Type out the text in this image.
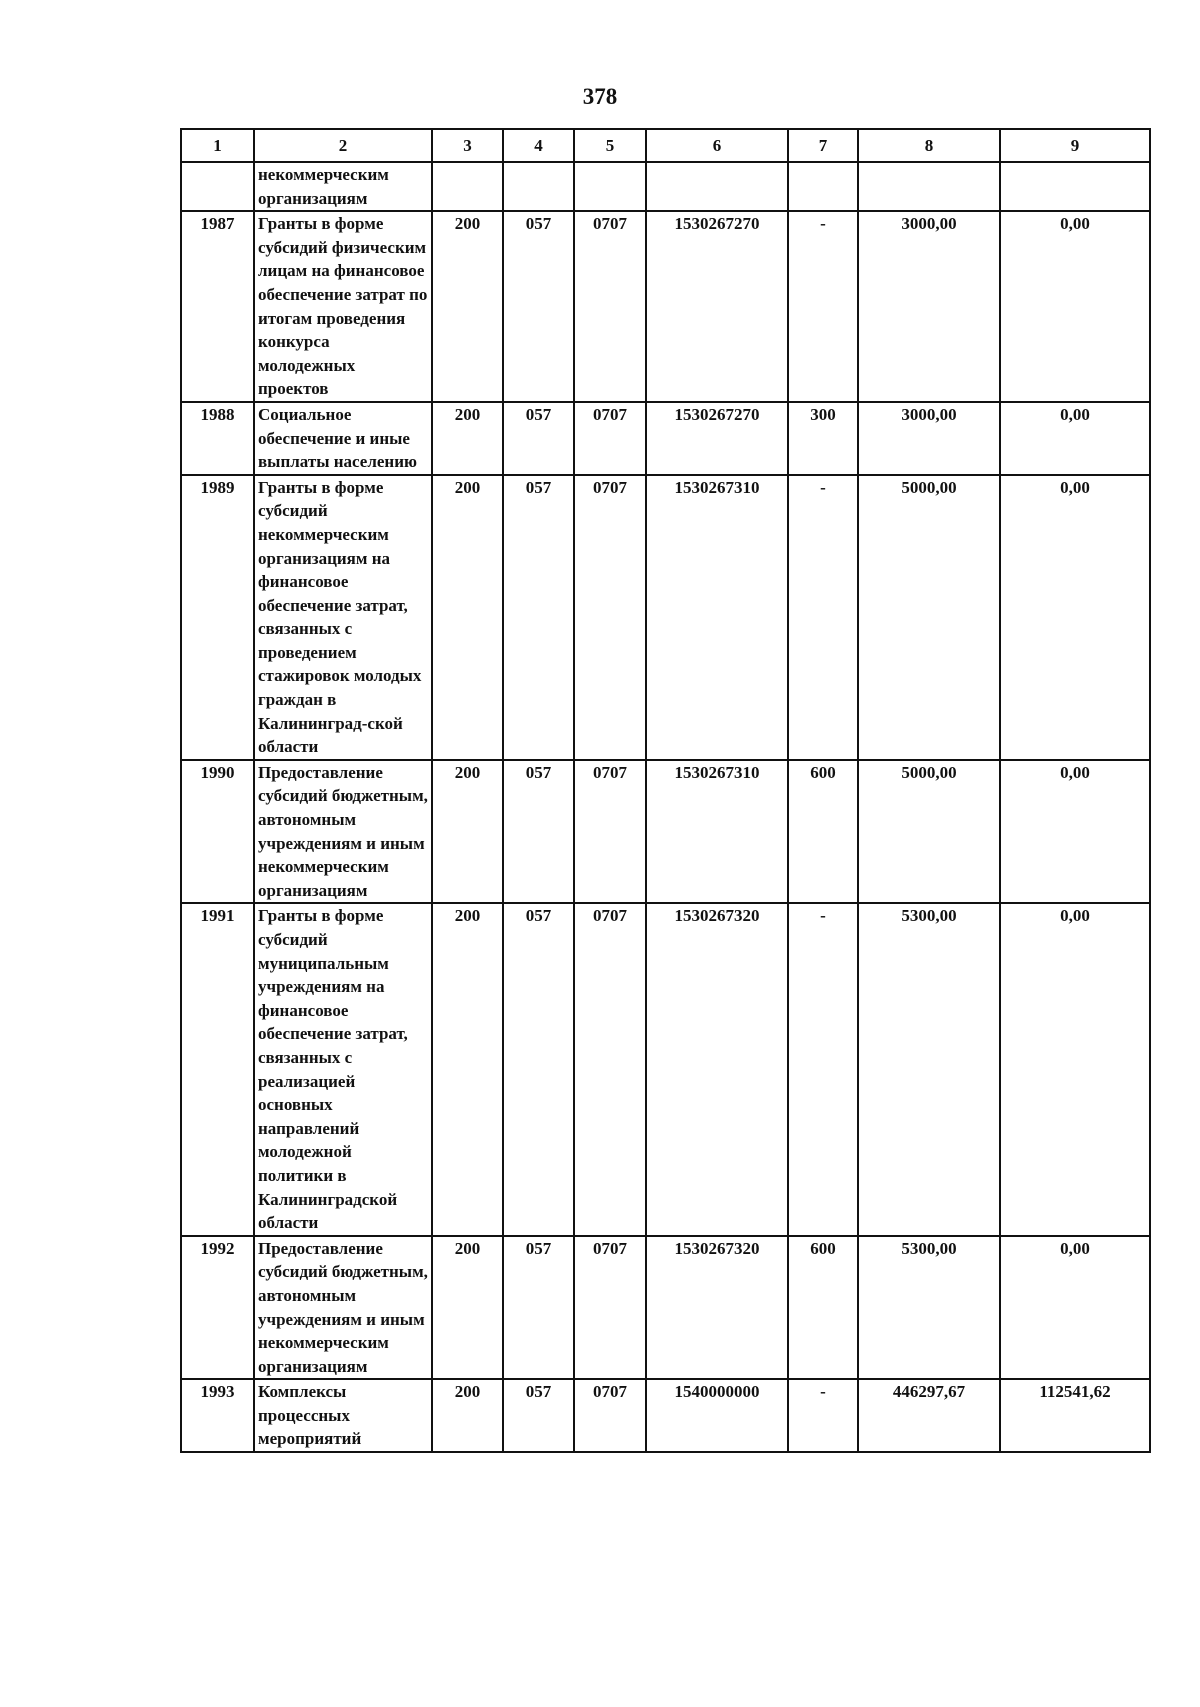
378
1	2	3	4	5	6	7	8	9
	некоммерческим организациям							
1987	Гранты в форме субсидий физическим лицам на финансовое обеспечение затрат по итогам проведения конкурса молодежных проектов	200	057	0707	1530267270	-	3000,00	0,00
1988	Социальное обеспечение и иные выплаты населению	200	057	0707	1530267270	300	3000,00	0,00
1989	Гранты в форме субсидий некоммерческим организациям на финансовое обеспечение затрат, связанных с проведением стажировок молодых граждан в Калинингрaд-ской области	200	057	0707	1530267310	-	5000,00	0,00
1990	Предоставление субсидий бюджетным, автономным учреждениям и иным некоммерческим организациям	200	057	0707	1530267310	600	5000,00	0,00
1991	Гранты в форме субсидий муниципальным учреждениям на финансовое обеспечение затрат, связанных с реализацией основных направлений молодежной политики в Калининградской области	200	057	0707	1530267320	-	5300,00	0,00
1992	Предоставление субсидий бюджетным, автономным учреждениям и иным некоммерческим организациям	200	057	0707	1530267320	600	5300,00	0,00
1993	Комплексы процессных мероприятий	200	057	0707	1540000000	-	446297,67	112541,62
